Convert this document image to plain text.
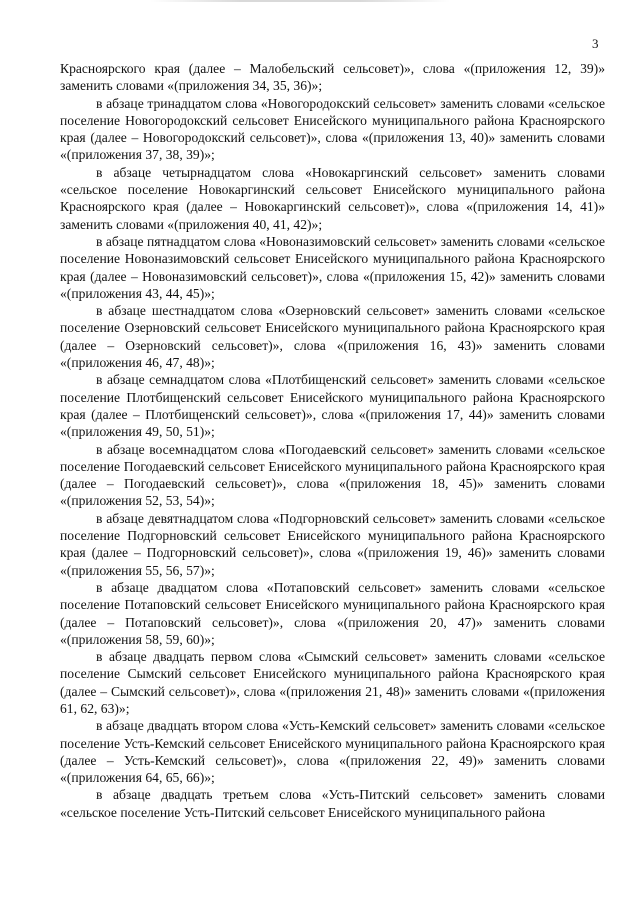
3

Красноярского края (далее – Малобельский сельсовет)», слова «(приложения 12, 39)» заменить словами «(приложения 34, 35, 36)»;

в абзаце тринадцатом слова «Новогородокский сельсовет» заменить словами «сельское поселение Новогородокский сельсовет Енисейского муниципального района Красноярского края (далее – Новогородокский сельсовет)», слова «(приложения 13, 40)» заменить словами «(приложения 37, 38, 39)»;

в абзаце четырнадцатом слова «Новокаргинский сельсовет» заменить словами «сельское поселение Новокаргинский сельсовет Енисейского муниципального района Красноярского края (далее – Новокаргинский сельсовет)», слова «(приложения 14, 41)» заменить словами «(приложения 40, 41, 42)»;

в абзаце пятнадцатом слова «Новоназимовский сельсовет» заменить словами «сельское поселение Новоназимовский сельсовет Енисейского муниципального района Красноярского края (далее – Новоназимовский сельсовет)», слова «(приложения 15, 42)» заменить словами «(приложения 43, 44, 45)»;

в абзаце шестнадцатом слова «Озерновский сельсовет» заменить словами «сельское поселение Озерновский сельсовет Енисейского муниципального района Красноярского края (далее – Озерновский сельсовет)», слова «(приложения 16, 43)» заменить словами «(приложения 46, 47, 48)»;

в абзаце семнадцатом слова «Плотбищенский сельсовет» заменить словами «сельское поселение Плотбищенский сельсовет Енисейского муниципального района Красноярского края (далее – Плотбищенский сельсовет)», слова «(приложения 17, 44)» заменить словами «(приложения 49, 50, 51)»;

в абзаце восемнадцатом слова «Погодаевский сельсовет» заменить словами «сельское поселение Погодаевский сельсовет Енисейского муниципального района Красноярского края (далее – Погодаевский сельсовет)», слова «(приложения 18, 45)» заменить словами «(приложения 52, 53, 54)»;

в абзаце девятнадцатом слова «Подгорновский сельсовет» заменить словами «сельское поселение Подгорновский сельсовет Енисейского муниципального района Красноярского края (далее – Подгорновский сельсовет)», слова «(приложения 19, 46)» заменить словами «(приложения 55, 56, 57)»;

в абзаце двадцатом слова «Потаповский сельсовет» заменить словами «сельское поселение Потаповский сельсовет Енисейского муниципального района Красноярского края (далее – Потаповский сельсовет)», слова «(приложения 20, 47)» заменить словами «(приложения 58, 59, 60)»;

в абзаце двадцать первом слова «Сымский сельсовет» заменить словами «сельское поселение Сымский сельсовет Енисейского муниципального района Красноярского края (далее – Сымский сельсовет)», слова «(приложения 21, 48)» заменить словами «(приложения 61, 62, 63)»;

в абзаце двадцать втором слова «Усть-Кемский сельсовет» заменить словами «сельское поселение Усть-Кемский сельсовет Енисейского муниципального района Красноярского края (далее – Усть-Кемский сельсовет)», слова «(приложения 22, 49)» заменить словами «(приложения 64, 65, 66)»;

в абзаце двадцать третьем слова «Усть-Питский сельсовет» заменить словами «сельское поселение Усть-Питский сельсовет Енисейского муниципального района
